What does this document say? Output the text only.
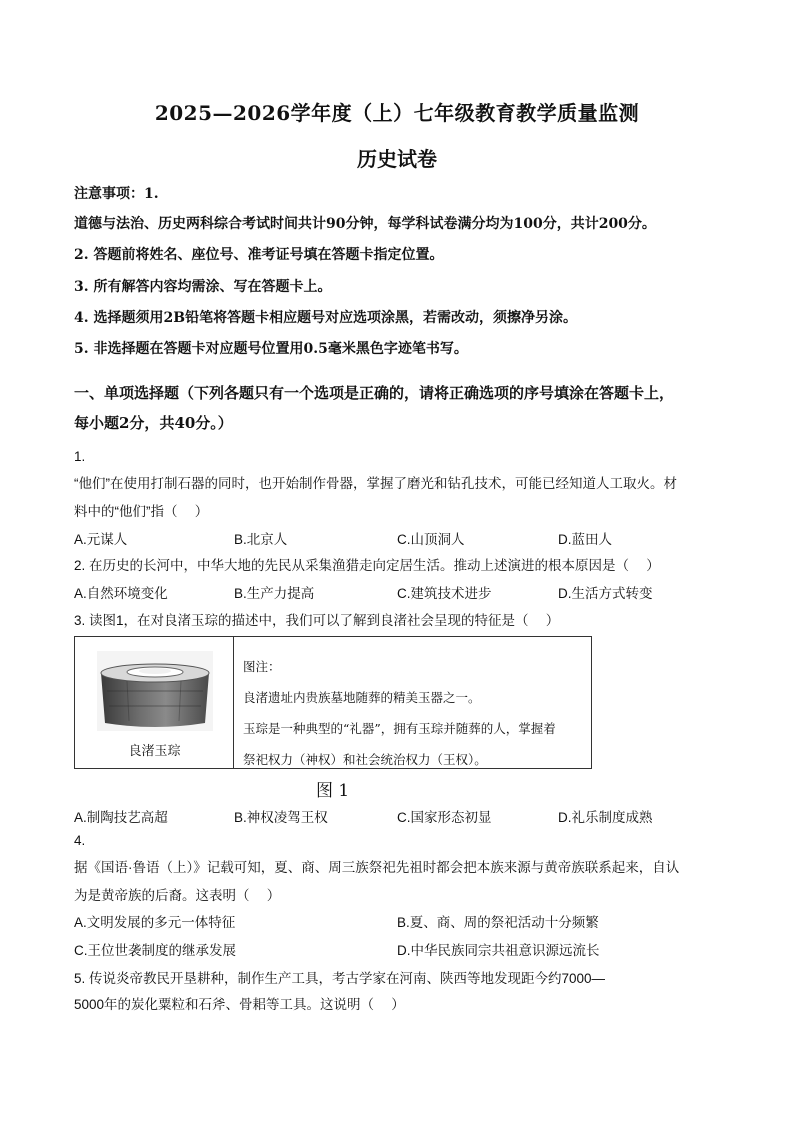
2025—2026学年度（上）七年级教育教学质量监测
历史试卷
注意事项：1.
道德与法治、历史两科综合考试时间共计90分钟，每学科试卷满分均为100分，共计200分。
2. 答题前将姓名、座位号、准考证号填在答题卡指定位置。
3. 所有解答内容均需涂、写在答题卡上。
4. 选择题须用2B铅笔将答题卡相应题号对应选项涂黑，若需改动，须擦净另涂。
5. 非选择题在答题卡对应题号位置用0.5毫米黑色字迹笔书写。
一、单项选择题（下列各题只有一个选项是正确的，请将正确选项的序号填涂在答题卡上，
每小题2分，共40分。）
1.
“他们”在使用打制石器的同时，也开始制作骨器，掌握了磨光和钻孔技术，可能已经知道人工取火。材
料中的“他们”指（　 ）
A.元谋人	B.北京人	C.山顶洞人	D.蓝田人
2. 在历史的长河中，中华大地的先民从采集渔猎走向定居生活。推动上述演进的根本原因是（　 ）
A.自然环境变化	B.生产力提高	C.建筑技术进步	D.生活方式转变
3. 读图1，在对良渚玉琮的描述中，我们可以了解到良渚社会呈现的特征是（　 ）
良渚玉琮
图注：
良渚遗址内贵族墓地随葬的精美玉器之一。
玉琮是一种典型的“礼器”，拥有玉琮并随葬的人，掌握着
祭祀权力（神权）和社会统治权力（王权）。
图 1
A.制陶技艺高超	B.神权凌驾王权	C.国家形态初显	D.礼乐制度成熟
4.
据《国语·鲁语（上）》记载可知，夏、商、周三族祭祀先祖时都会把本族来源与黄帝族联系起来，自认
为是黄帝族的后裔。这表明（　 ）
A.文明发展的多元一体特征	B.夏、商、周的祭祀活动十分频繁
C.王位世袭制度的继承发展	D.中华民族同宗共祖意识源远流长
5. 传说炎帝教民开垦耕种，制作生产工具，考古学家在河南、陕西等地发现距今约7000—
5000年的炭化粟粒和石斧、骨耜等工具。这说明（　 ）
